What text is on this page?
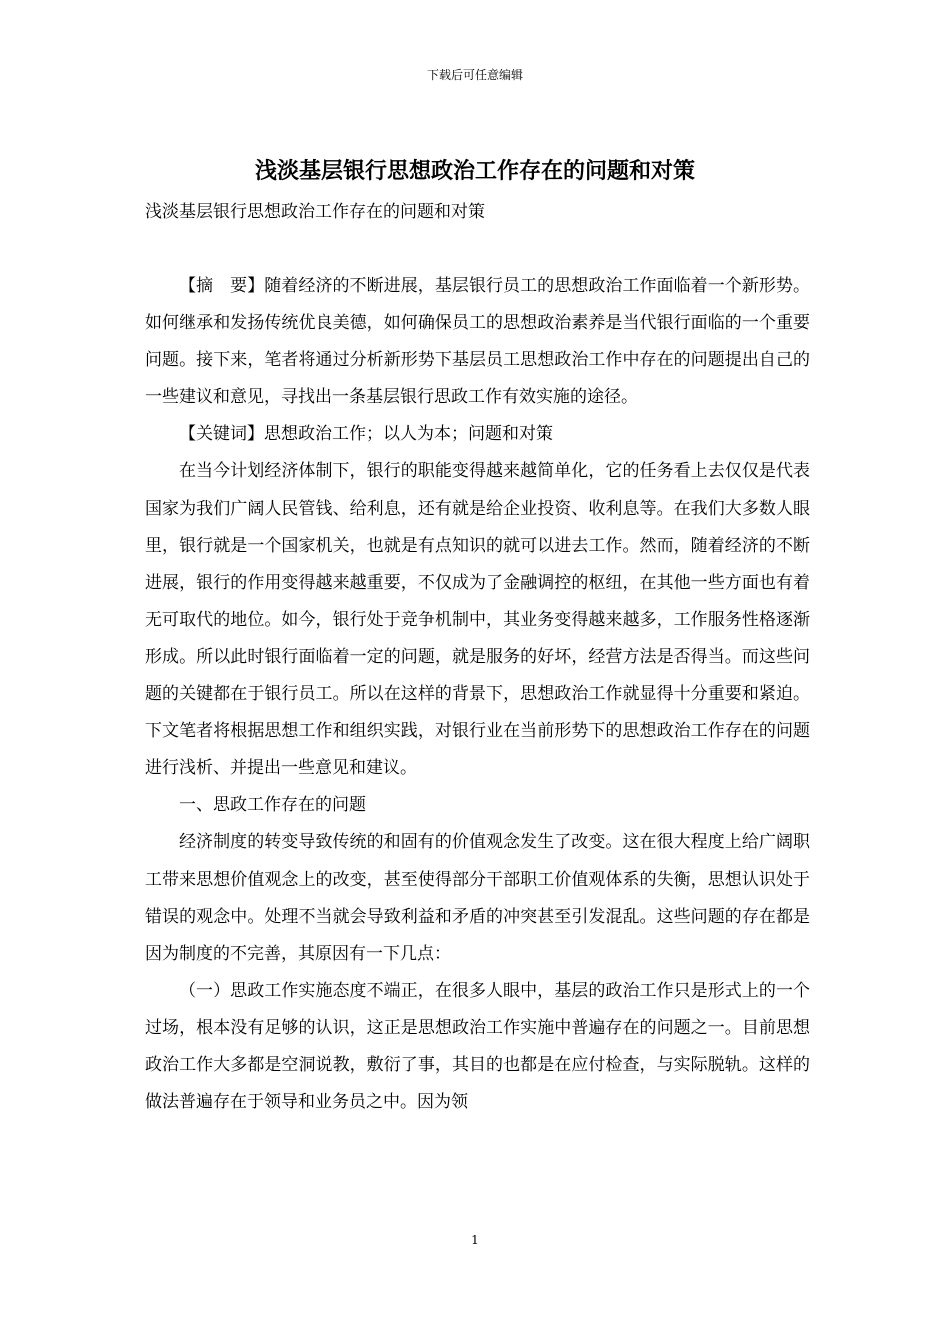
下载后可任意编辑
浅淡基层银行思想政治工作存在的问题和对策

浅淡基层银行思想政治工作存在的问题和对策

【摘　要】随着经济的不断进展，基层银行员工的思想政治工作面临着一个新形势。如何继承和发扬传统优良美德，如何确保员工的思想政治素养是当代银行面临的一个重要问题。接下来，笔者将通过分析新形势下基层员工思想政治工作中存在的问题提出自己的一些建议和意见，寻找出一条基层银行思政工作有效实施的途径。

【关键词】思想政治工作；以人为本；问题和对策

在当今计划经济体制下，银行的职能变得越来越简单化，它的任务看上去仅仅是代表国家为我们广阔人民管钱、给利息，还有就是给企业投资、收利息等。在我们大多数人眼里，银行就是一个国家机关，也就是有点知识的就可以进去工作。然而，随着经济的不断进展，银行的作用变得越来越重要，不仅成为了金融调控的枢纽，在其他一些方面也有着无可取代的地位。如今，银行处于竞争机制中，其业务变得越来越多，工作服务性格逐渐形成。所以此时银行面临着一定的问题，就是服务的好坏，经营方法是否得当。而这些问题的关键都在于银行员工。所以在这样的背景下，思想政治工作就显得十分重要和紧迫。下文笔者将根据思想工作和组织实践，对银行业在当前形势下的思想政治工作存在的问题进行浅析、并提出一些意见和建议。

一、思政工作存在的问题

经济制度的转变导致传统的和固有的价值观念发生了改变。这在很大程度上给广阔职工带来思想价值观念上的改变，甚至使得部分干部职工价值观体系的失衡，思想认识处于错误的观念中。处理不当就会导致利益和矛盾的冲突甚至引发混乱。这些问题的存在都是因为制度的不完善，其原因有一下几点：

（一）思政工作实施态度不端正，在很多人眼中，基层的政治工作只是形式上的一个过场，根本没有足够的认识，这正是思想政治工作实施中普遍存在的问题之一。目前思想政治工作大多都是空洞说教，敷衍了事，其目的也都是在应付检查，与实际脱轨。这样的做法普遍存在于领导和业务员之中。因为领

1
